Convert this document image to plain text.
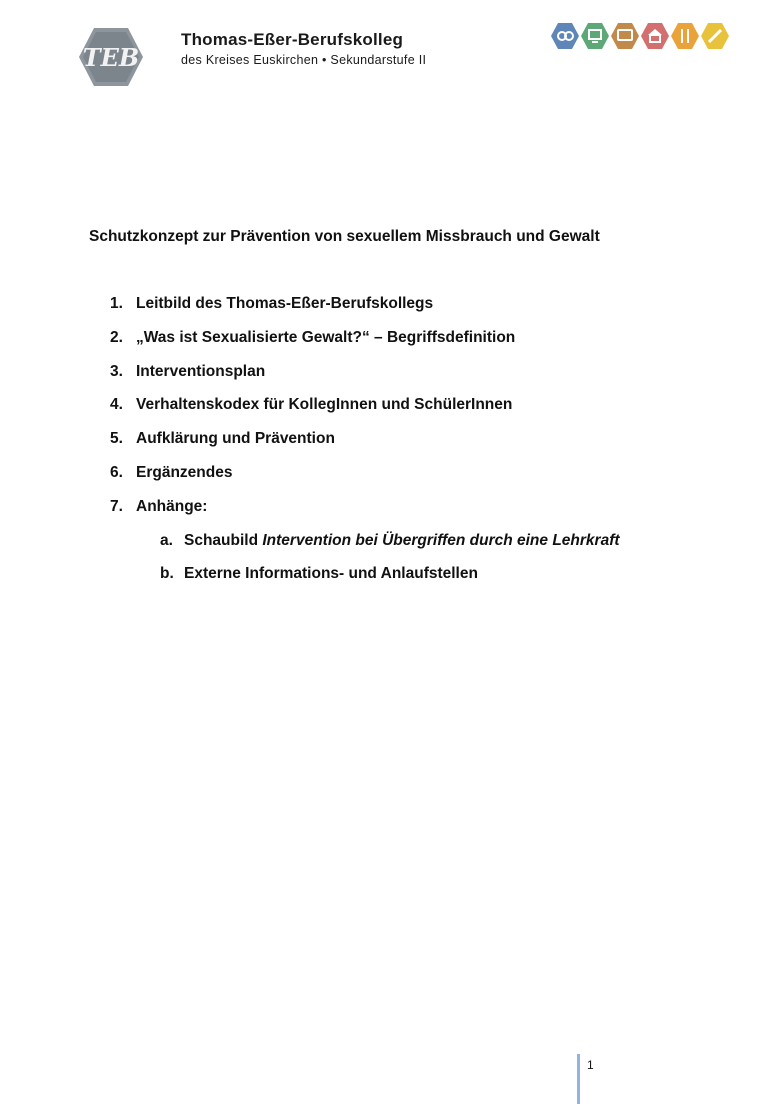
TEB
Thomas-Eßer-Berufskolleg
des Kreises Euskirchen • Sekundarstufe II
Schutzkonzept zur Prävention von sexuellem Missbrauch und Gewalt
1. Leitbild des Thomas-Eßer-Berufskollegs
2. „Was ist Sexualisierte Gewalt?“ – Begriffsdefinition
3. Interventionsplan
4. Verhaltenskodex für KollegInnen und SchülerInnen
5. Aufklärung und Prävention
6. Ergänzendes
7. Anhänge:
a. Schaubild Intervention bei Übergriffen durch eine Lehrkraft
b. Externe Informations- und Anlaufstellen
1
